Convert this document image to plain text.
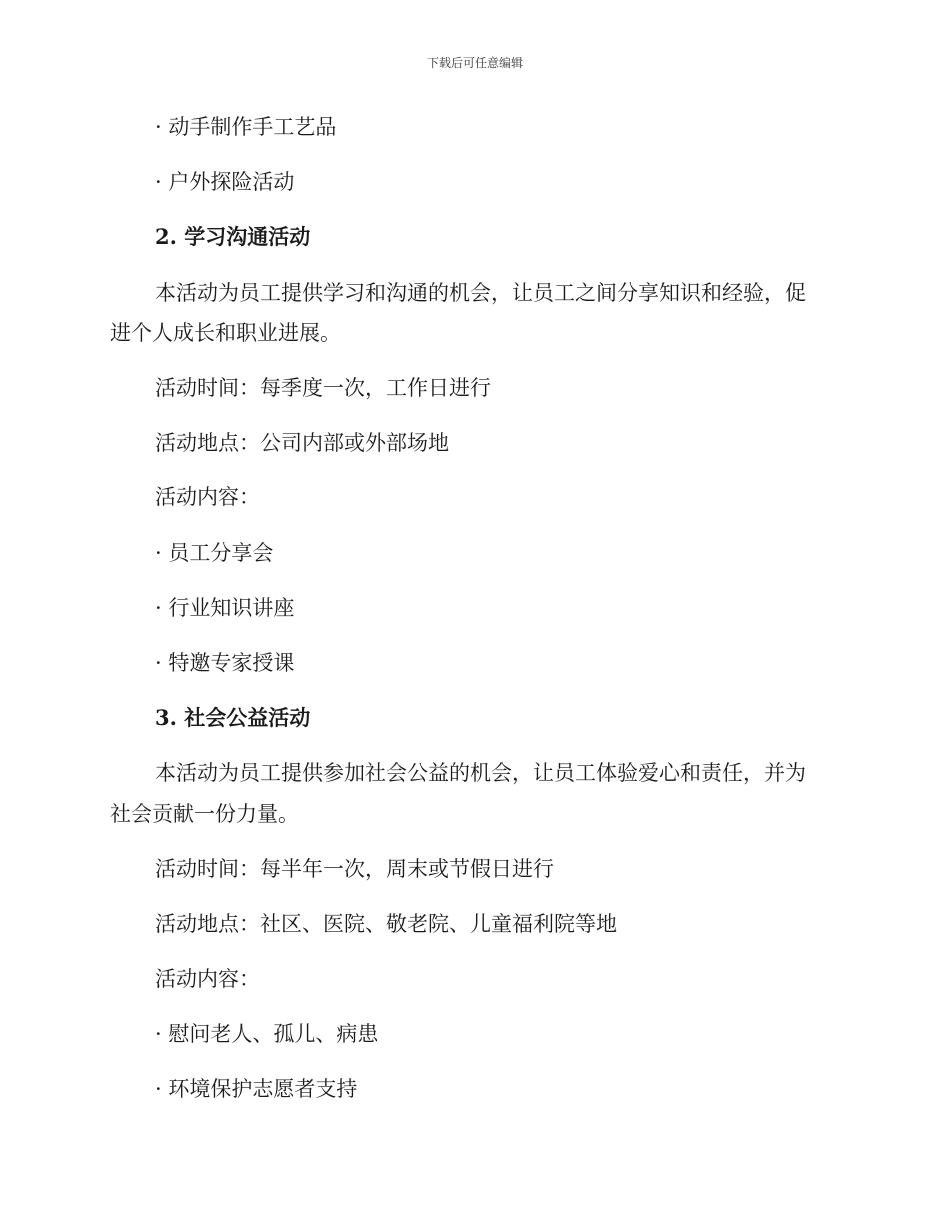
下载后可任意编辑
· 动手制作手工艺品
· 户外探险活动
2. 学习沟通活动
本活动为员工提供学习和沟通的机会，让员工之间分享知识和经验，促
进个人成长和职业进展。
活动时间：每季度一次，工作日进行
活动地点：公司内部或外部场地
活动内容：
· 员工分享会
· 行业知识讲座
· 特邀专家授课
3. 社会公益活动
本活动为员工提供参加社会公益的机会，让员工体验爱心和责任，并为
社会贡献一份力量。
活动时间：每半年一次，周末或节假日进行
活动地点：社区、医院、敬老院、儿童福利院等地
活动内容：
· 慰问老人、孤儿、病患
· 环境保护志愿者支持
